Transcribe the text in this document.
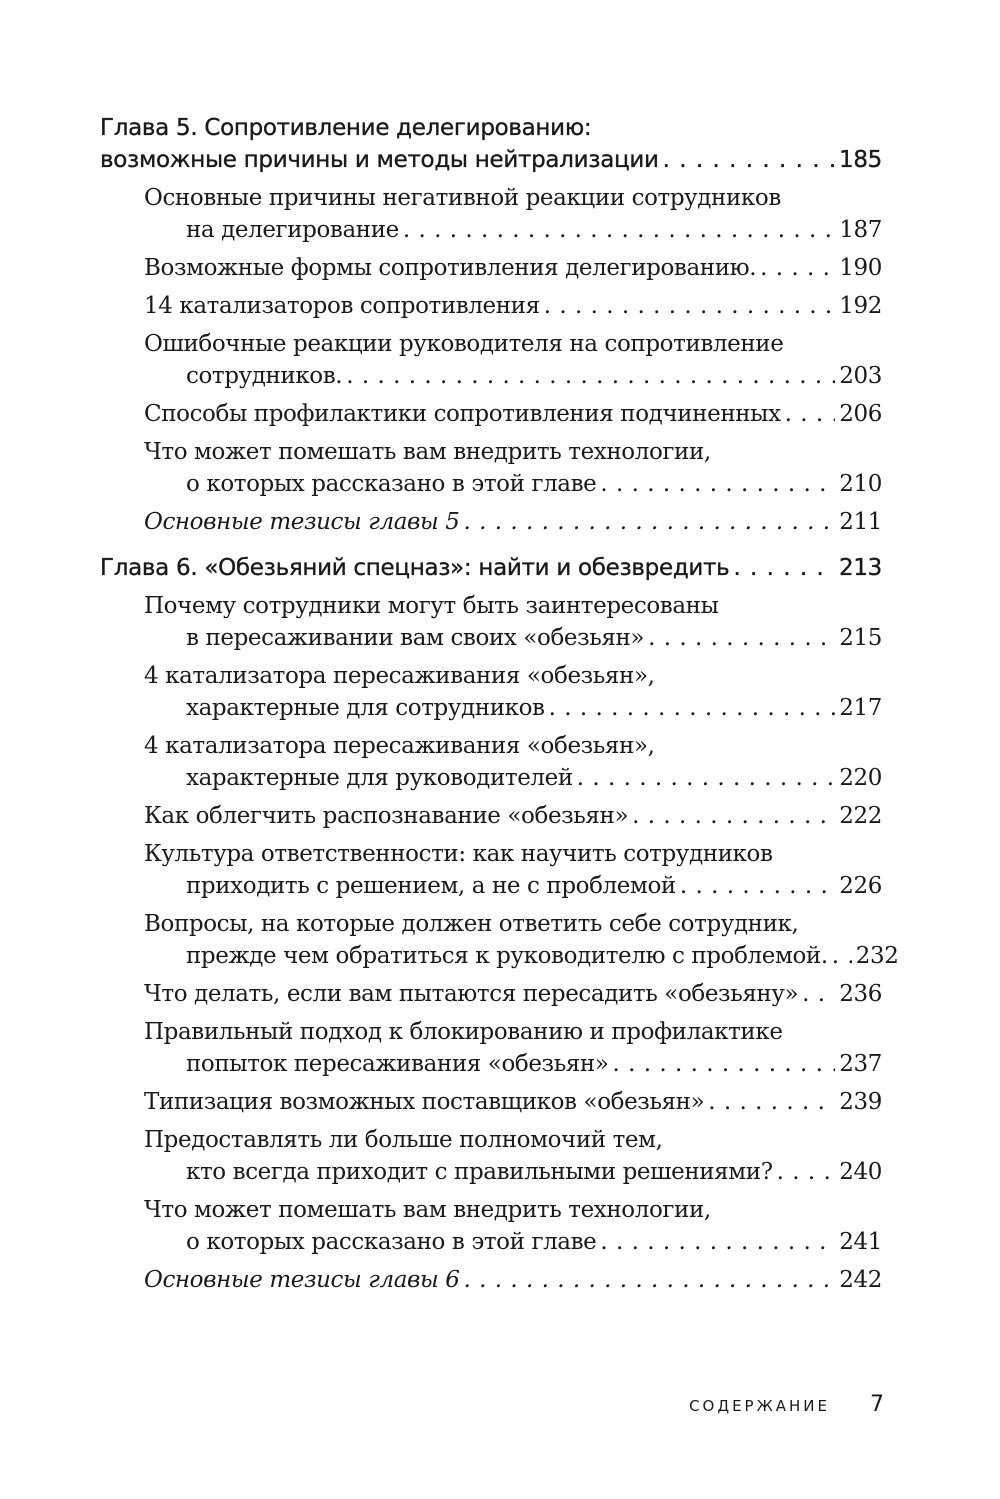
Глава 5. Сопротивление делегированию:
возможные причины и методы нейтрализации . . .	185
Основные причины негативной реакции сотрудников
на делегирование . . .	187
Возможные формы сопротивления делегированию. . . .	190
14 катализаторов сопротивления . . .	192
Ошибочные реакции руководителя на сопротивление
сотрудников. . . .	203
Способы профилактики сопротивления подчиненных . . .	206
Что может помешать вам внедрить технологии,
о которых рассказано в этой главе . . .	210
Основные тезисы главы 5 . . .	211
Глава 6. «Обезьяний спецназ»: найти и обезвредить . . .	213
Почему сотрудники могут быть заинтересованы
в пересаживании вам своих «обезьян» . . .	215
4 катализатора пересаживания «обезьян»,
характерные для сотрудников . . .	217
4 катализатора пересаживания «обезьян»,
характерные для руководителей . . .	220
Как облегчить распознавание «обезьян» . . .	222
Культура ответственности: как научить сотрудников
приходить с решением, а не с проблемой . . .	226
Вопросы, на которые должен ответить себе сотрудник,
прежде чем обратиться к руководителю с проблемой. . . . 232
Что делать, если вам пытаются пересадить «обезьяну» . . . 236
Правильный подход к блокированию и профилактике
попыток пересаживания «обезьян» . . .	237
Типизация возможных поставщиков «обезьян» . . .	239
Предоставлять ли больше полномочий тем,
кто всегда приходит с правильными решениями? . . .	240
Что может помешать вам внедрить технологии,
о которых рассказано в этой главе . . .	241
Основные тезисы главы 6 . . .	242
СОДЕРЖАНИЕ 7
